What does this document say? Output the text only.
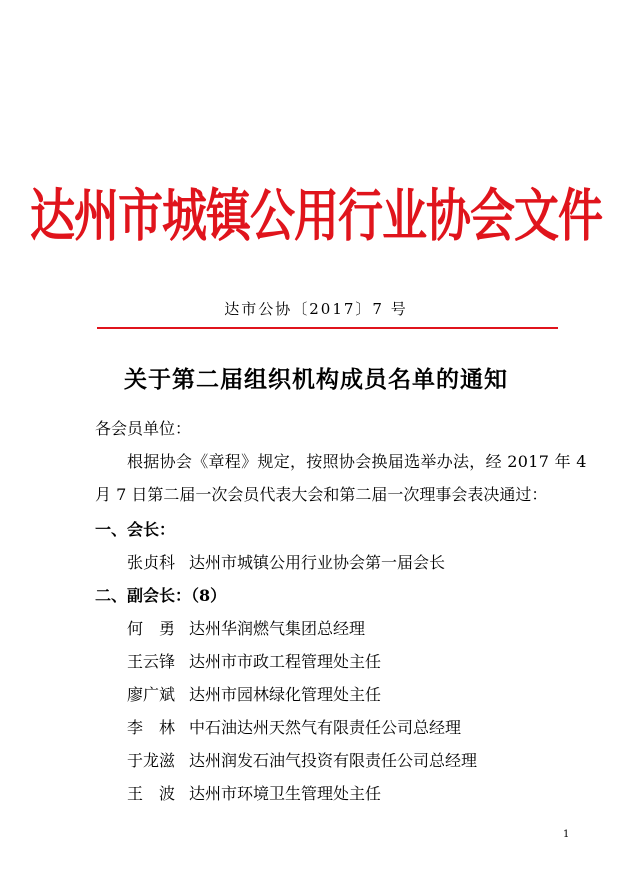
达州市城镇公用行业协会文件
达市公协〔2017〕7 号
关于第二届组织机构成员名单的通知
各会员单位：
根据协会《章程》规定，按照协会换届选举办法，经 2017 年 4
月 7 日第二届一次会员代表大会和第二届一次理事会表决通过：
一、会长：
张贞科 达州市城镇公用行业协会第一届会长
二、副会长：（8）
何　勇 达州华润燃气集团总经理
王云锋 达州市市政工程管理处主任
廖广斌 达州市园林绿化管理处主任
李　林 中石油达州天然气有限责任公司总经理
于龙滋 达州润发石油气投资有限责任公司总经理
王　波 达州市环境卫生管理处主任
1
